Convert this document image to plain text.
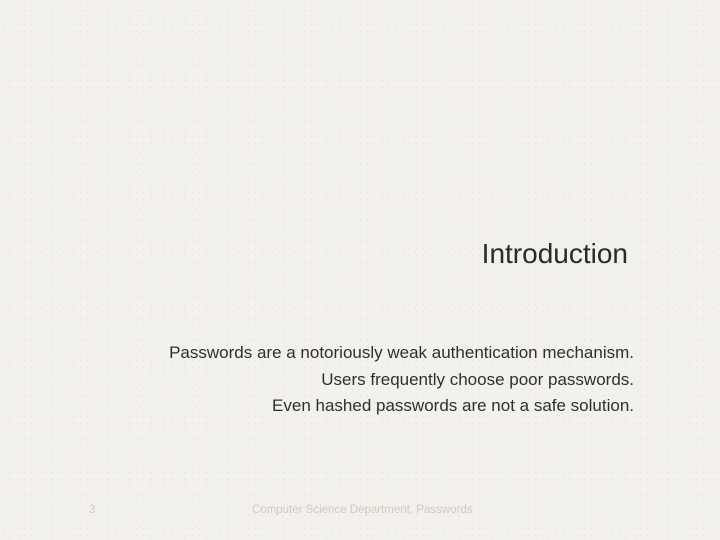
Introduction
Passwords are a notoriously weak authentication mechanism.
Users frequently choose poor passwords.
Even hashed passwords are not a safe solution.
3	Computer Science Department, Passwords
